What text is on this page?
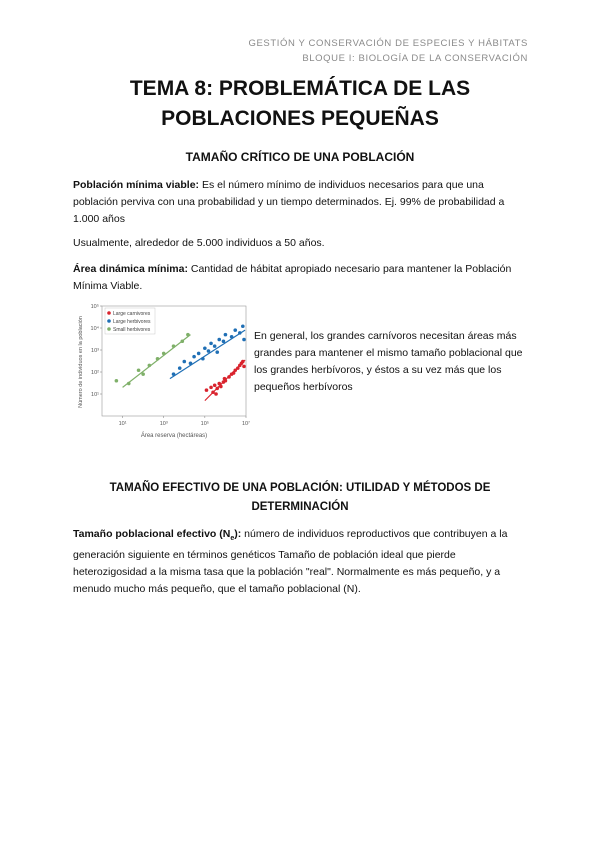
GESTIÓN Y CONSERVACIÓN DE ESPECIES Y HÁBITATS
BLOQUE I: BIOLOGÍA DE LA CONSERVACIÓN
TEMA 8: PROBLEMÁTICA DE LAS
POBLACIONES PEQUEÑAS
TAMAÑO CRÍTICO DE UNA POBLACIÓN
Población mínima viable: Es el número mínimo de individuos necesarios para que una población perviva con una probabilidad y un tiempo determinados. Ej. 99% de probabilidad a 1.000 años
Usualmente, alrededor de 5.000 individuos a 50 años.
Área dinámica mínima: Cantidad de hábitat apropiado necesario para mantener la Población Mínima Viable.
10¹	10³	10⁵	10⁷
10¹
10²
10³
10⁴
10⁵
Large carnivores
Large herbivores
Small herbivores
Área reserva (hectáreas)
Número de individuos en la población	En general, los grandes carnívoros necesitan áreas más grandes para mantener el mismo tamaño poblacional que los grandes herbívoros, y éstos a su vez más que los pequeños herbívoros
TAMAÑO EFECTIVO DE UNA POBLACIÓN: UTILIDAD Y MÉTODOS DE
DETERMINACIÓN
Tamaño poblacional efectivo $(N_e)$: número de individuos reproductivos que contribuyen a la generación siguiente en términos genéticos Tamaño de población ideal que pierde heterozigosidad a la misma tasa que la población "real". Normalmente es más pequeño, y a menudo mucho más pequeño, que el tamaño poblacional (N).
